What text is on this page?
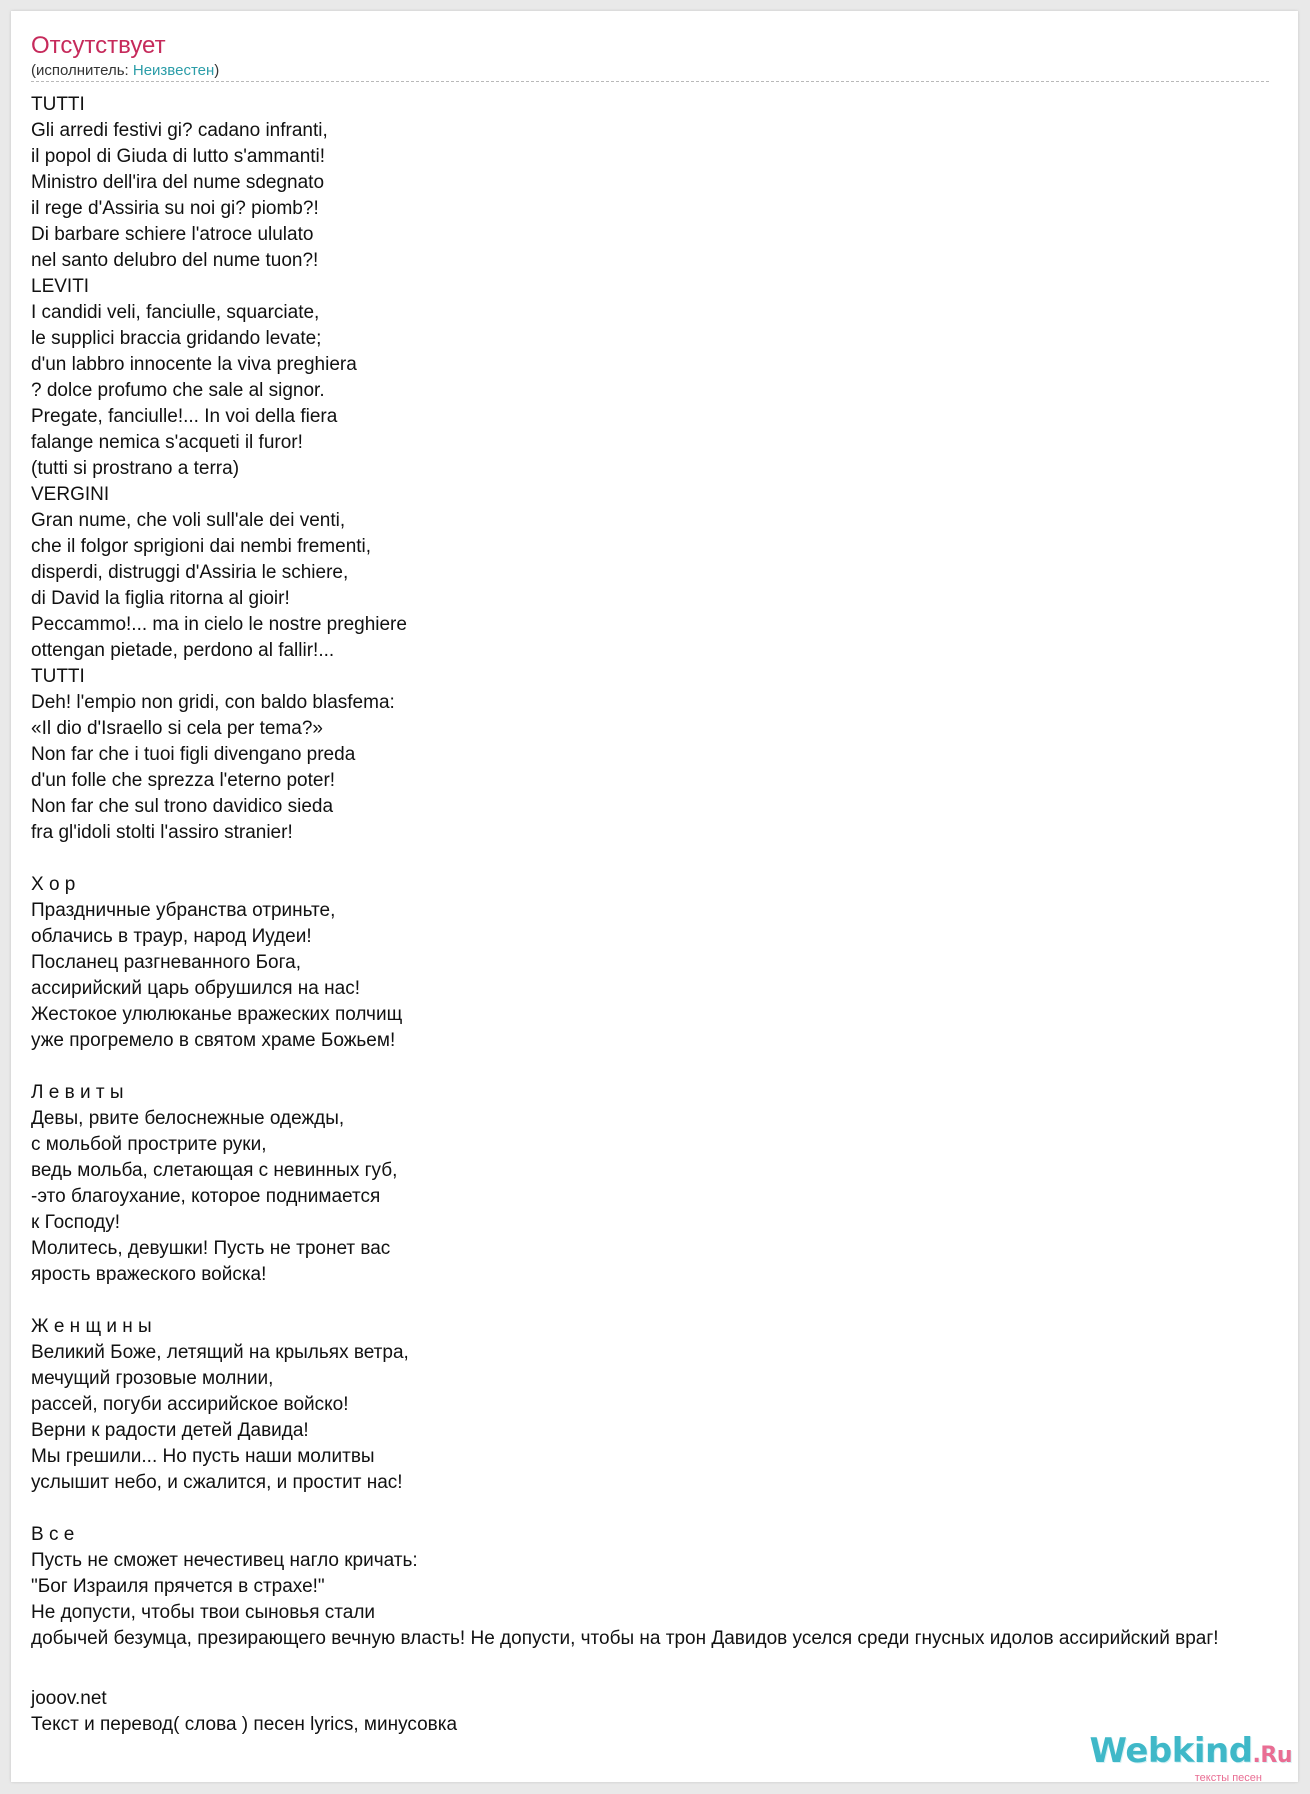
Отсутствует
(исполнитель: Неизвестен)
TUTTI
Gli arredi festivi gi? cadano infranti,
il popol di Giuda di lutto s'ammanti!
Ministro dell'ira del nume sdegnato
il rege d'Assiria su noi gi? piomb?!
Di barbare schiere l'atroce ululato
nel santo delubro del nume tuon?!
LEVITI
I candidi veli, fanciulle, squarciate,
le supplici braccia gridando levate;
d'un labbro innocente la viva preghiera
? dolce profumo che sale al signor.
Pregate, fanciulle!... In voi della fiera
falange nemica s'acqueti il furor!
(tutti si prostrano a terra)
VERGINI
Gran nume, che voli sull'ale dei venti,
che il folgor sprigioni dai nembi frementi,
disperdi, distruggi d'Assiria le schiere,
di David la figlia ritorna al gioir!
Peccammo!... ma in cielo le nostre preghiere
ottengan pietade, perdono al fallir!...
TUTTI
Deh! l'empio non gridi, con baldo blasfema:
«Il dio d'Israello si cela per tema?»
Non far che i tuoi figli divengano preda
d'un folle che sprezza l'eterno poter!
Non far che sul trono davidico sieda
fra gl'idoli stolti l'assiro stranier!
Х о р
Праздничные убранства отриньте,
облачись в траур, народ Иудеи!
Посланец разгневанного Бога,
ассирийский царь обрушился на нас!
Жестокое улюлюканье вражеских полчищ
уже прогремело в святом храме Божьем!
Л е в и т ы
Девы, рвите белоснежные одежды,
с мольбой прострите руки,
ведь мольба, слетающая с невинных губ,
-это благоухание, которое поднимается
к Господу!
Молитесь, девушки! Пусть не тронет вас
ярость вражеского войска!
Ж е н щ и н ы
Великий Боже, летящий на крыльях ветра,
мечущий грозовые молнии,
рассей, погуби ассирийское войско!
Верни к радости детей Давида!
Мы грешили... Но пусть наши молитвы
услышит небо, и сжалится, и простит нас!
В с е
Пусть не сможет нечестивец нагло кричать:
"Бог Израиля прячется в страхе!"
Не допусти, чтобы твои сыновья стали
добычей безумца, презирающего вечную власть! Не допусти, чтобы на трон Давидов уселся среди гнусных идолов ассирийский враг!
jooov.net
Текст и перевод( слова ) песен lyrics, минусовка
Webkind.Ru
тексты песен
